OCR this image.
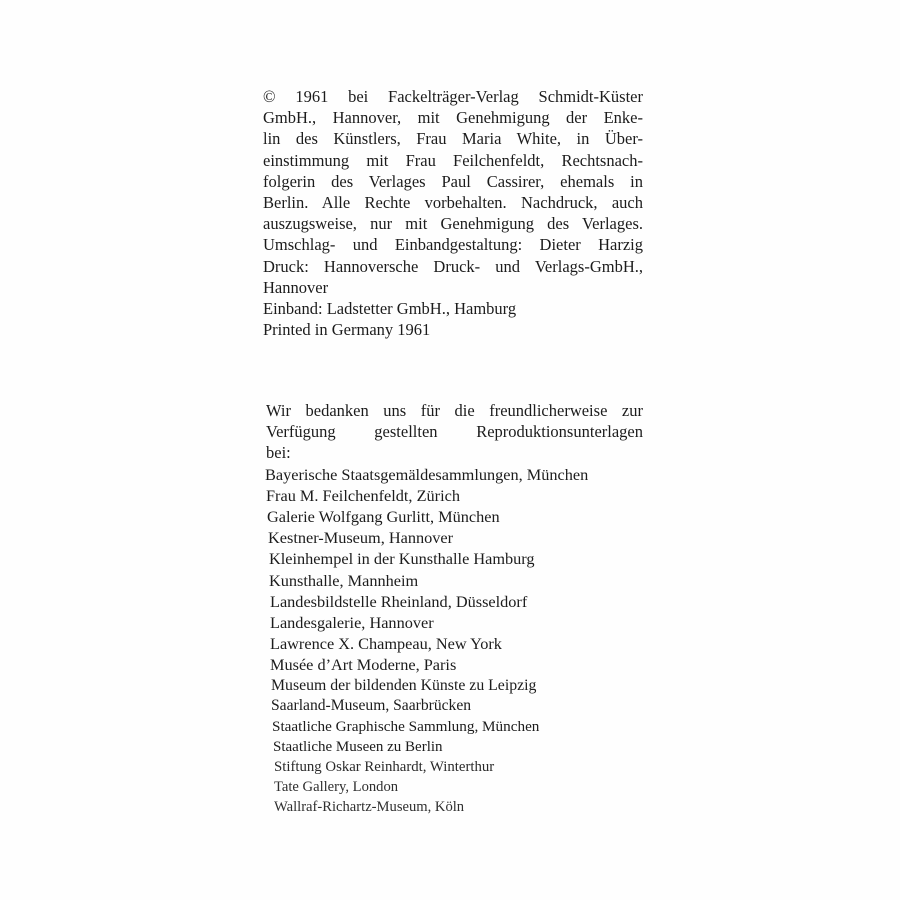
© 1961 bei Fackelträger-Verlag Schmidt-Küster
GmbH., Hannover, mit Genehmigung der Enke-
lin des Künstlers, Frau Maria White, in Über-
einstimmung mit Frau Feilchenfeldt, Rechtsnach-
folgerin des Verlages Paul Cassirer, ehemals in
Berlin. Alle Rechte vorbehalten. Nachdruck, auch
auszugsweise, nur mit Genehmigung des Verlages.
Umschlag- und Einbandgestaltung: Dieter Harzig
Druck: Hannoversche Druck- und Verlags-GmbH.,
Hannover
Einband: Ladstetter GmbH., Hamburg
Printed in Germany 1961
Wir bedanken uns für die freundlicherweise zur
Verfügung gestellten Reproduktionsunterlagen
bei:
Bayerische Staatsgemäldesammlungen, München
Frau M. Feilchenfeldt, Zürich
Galerie Wolfgang Gurlitt, München
Kestner-Museum, Hannover
Kleinhempel in der Kunsthalle Hamburg
Kunsthalle, Mannheim
Landesbildstelle Rheinland, Düsseldorf
Landesgalerie, Hannover
Lawrence X. Champeau, New York
Musée d’Art Moderne, Paris
Museum der bildenden Künste zu Leipzig
Saarland-Museum, Saarbrücken
Staatliche Graphische Sammlung, München
Staatliche Museen zu Berlin
Stiftung Oskar Reinhardt, Winterthur
Tate Gallery, London
Wallraf-Richartz-Museum, Köln
